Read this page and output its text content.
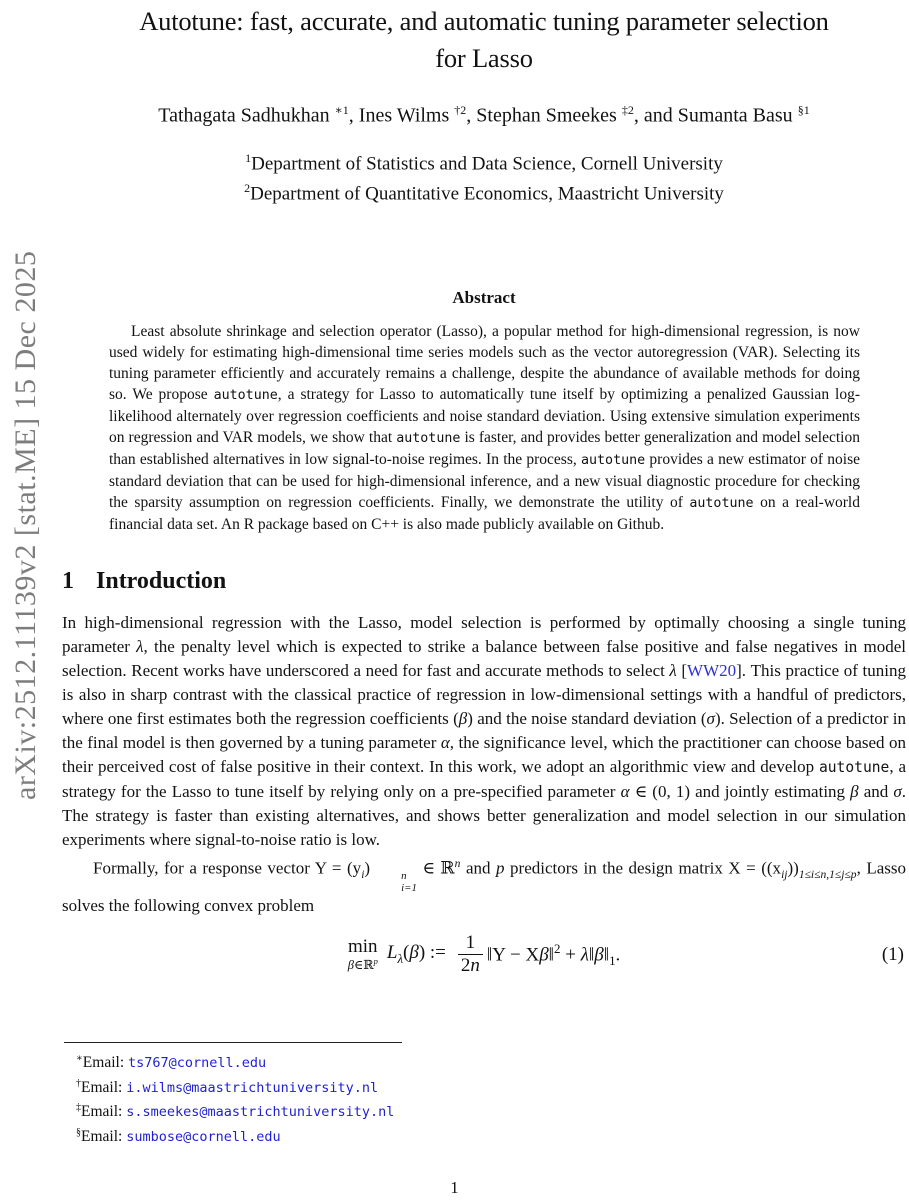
arXiv:2512.11139v2 [stat.ME] 15 Dec 2025
Autotune: fast, accurate, and automatic tuning parameter selection
for Lasso
Tathagata Sadhukhan $^{∗1}$, Ines Wilms $^{\dagger 2}$, Stephan Smeekes $^{\ddagger 2}$, and Sumanta Basu $^{\S 1}$
$^1$Department of Statistics and Data Science, Cornell University
$^2$Department of Quantitative Economics, Maastricht University
Abstract
Least absolute shrinkage and selection operator (Lasso), a popular method for high-dimensional regression, is now used widely for estimating high-dimensional time series models such as the vector autoregression (VAR). Selecting its tuning parameter efficiently and accurately remains a challenge, despite the abundance of available methods for doing so. We propose autotune, a strategy for Lasso to automatically tune itself by optimizing a penalized Gaussian log-likelihood alternately over regression coefficients and noise standard deviation. Using extensive simulation experiments on regression and VAR models, we show that autotune is faster, and provides better generalization and model selection than established alternatives in low signal-to-noise regimes. In the process, autotune provides a new estimator of noise standard deviation that can be used for high-dimensional inference, and a new visual diagnostic procedure for checking the sparsity assumption on regression coefficients. Finally, we demonstrate the utility of autotune on a real-world financial data set. An R package based on C++ is also made publicly available on Github.
1 Introduction
In high-dimensional regression with the Lasso, model selection is performed by optimally choosing a single tuning parameter λ, the penalty level which is expected to strike a balance between false positive and false negatives in model selection. Recent works have underscored a need for fast and accurate methods to select λ [WW20]. This practice of tuning is also in sharp contrast with the classical practice of regression in low-dimensional settings with a handful of predictors, where one first estimates both the regression coefficients (β) and the noise standard deviation (σ). Selection of a predictor in the final model is then governed by a tuning parameter α, the significance level, which the practitioner can choose based on their perceived cost of false positive in their context. In this work, we adopt an algorithmic view and develop autotune, a strategy for the Lasso to tune itself by relying only on a pre-specified parameter α ∈ (0, 1) and jointly estimating β and σ. The strategy is faster than existing alternatives, and shows better generalization and model selection in our simulation experiments where signal-to-noise ratio is low.
Formally, for a response vector $Y = (y_i)$	n
i=1
∈ ℝ$^n$ and p predictors in the design matrix $X = ((x_{ij}))_{1\le i\le n,1\le j\le p}$, Lasso solves the following convex problem
min
β∈ℝ$^p$ $L_\lambda(\beta)$ := $\frac{1}{2n}$ ‖Y − Xβ‖$^2$ + $\lambda‖\beta‖_1$.	(1)
∗Email: ts767@cornell.edu
†Email: i.wilms@maastrichtuniversity.nl
‡Email: s.smeekes@maastrichtuniversity.nl
§Email: sumbose@cornell.edu
1
